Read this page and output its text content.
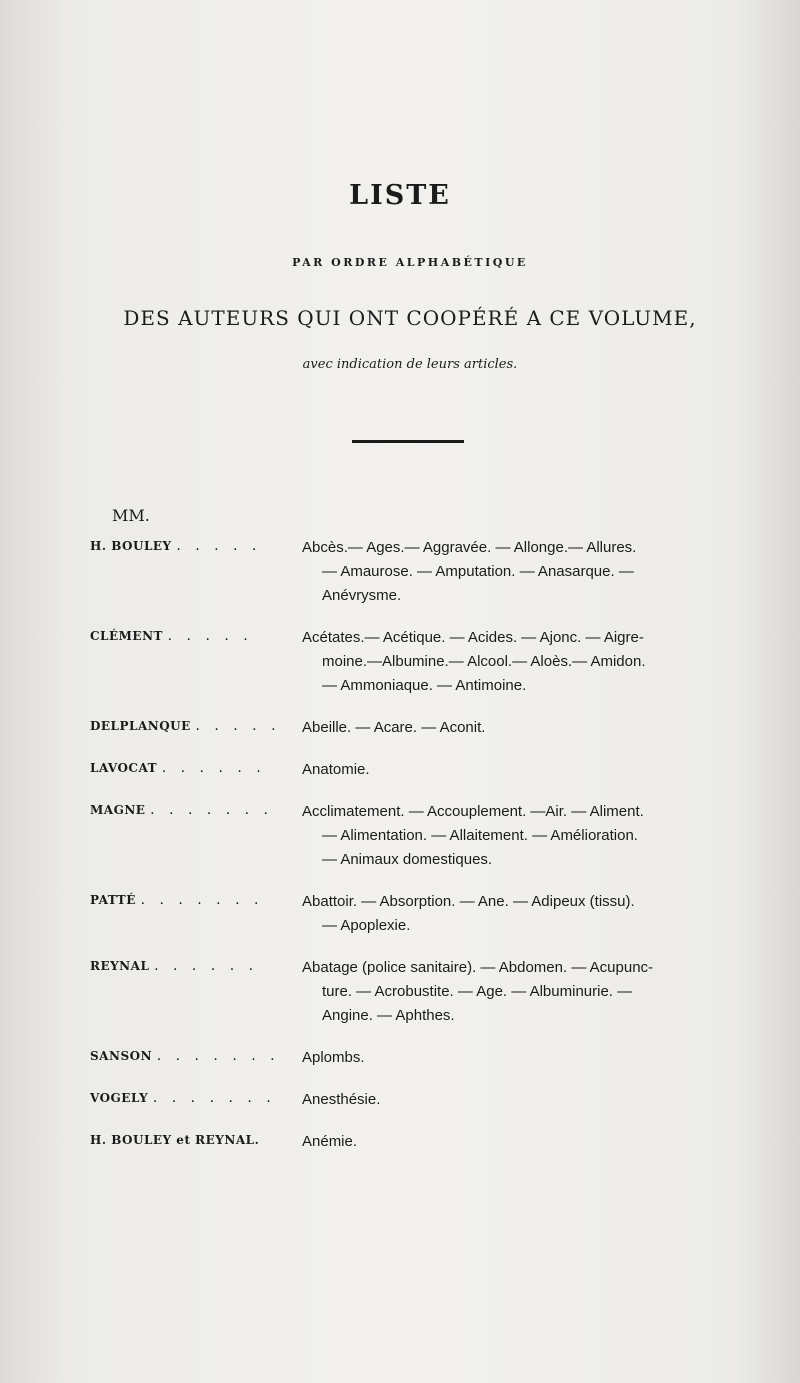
LISTE
PAR ORDRE ALPHABÉTIQUE
DES AUTEURS QUI ONT COOPÉRÉ A CE VOLUME,
avec indication de leurs articles.
MM.
H. BOULEY . . . . .	Abcès.— Ages.— Aggravée. — Allonge.— Allures.
— Amaurose. — Amputation. — Anasarque. —
Anévrysme.
CLÉMENT . . . . .	Acétates.— Acétique. — Acides. — Ajonc. — Aigre-
moine.—Albumine.— Alcool.— Aloès.— Amidon.
— Ammoniaque. — Antimoine.
DELPLANQUE . . . . .	Abeille. — Acare. — Aconit.
LAVOCAT . . . . . .	Anatomie.
MAGNE . . . . . . .	Acclimatement. — Accouplement. —Air. — Aliment.
— Alimentation. — Allaitement. — Amélioration.
— Animaux domestiques.
PATTÉ . . . . . . .	Abattoir. — Absorption. — Ane. — Adipeux (tissu).
— Apoplexie.
REYNAL . . . . . .	Abatage (police sanitaire). — Abdomen. — Acupunc-
ture. — Acrobustite. — Age. — Albuminurie. —
Angine. — Aphthes.
SANSON . . . . . . .	Aplombs.
VOGELY . . . . . . .	Anesthésie.
H. BOULEY et REYNAL.	Anémie.
